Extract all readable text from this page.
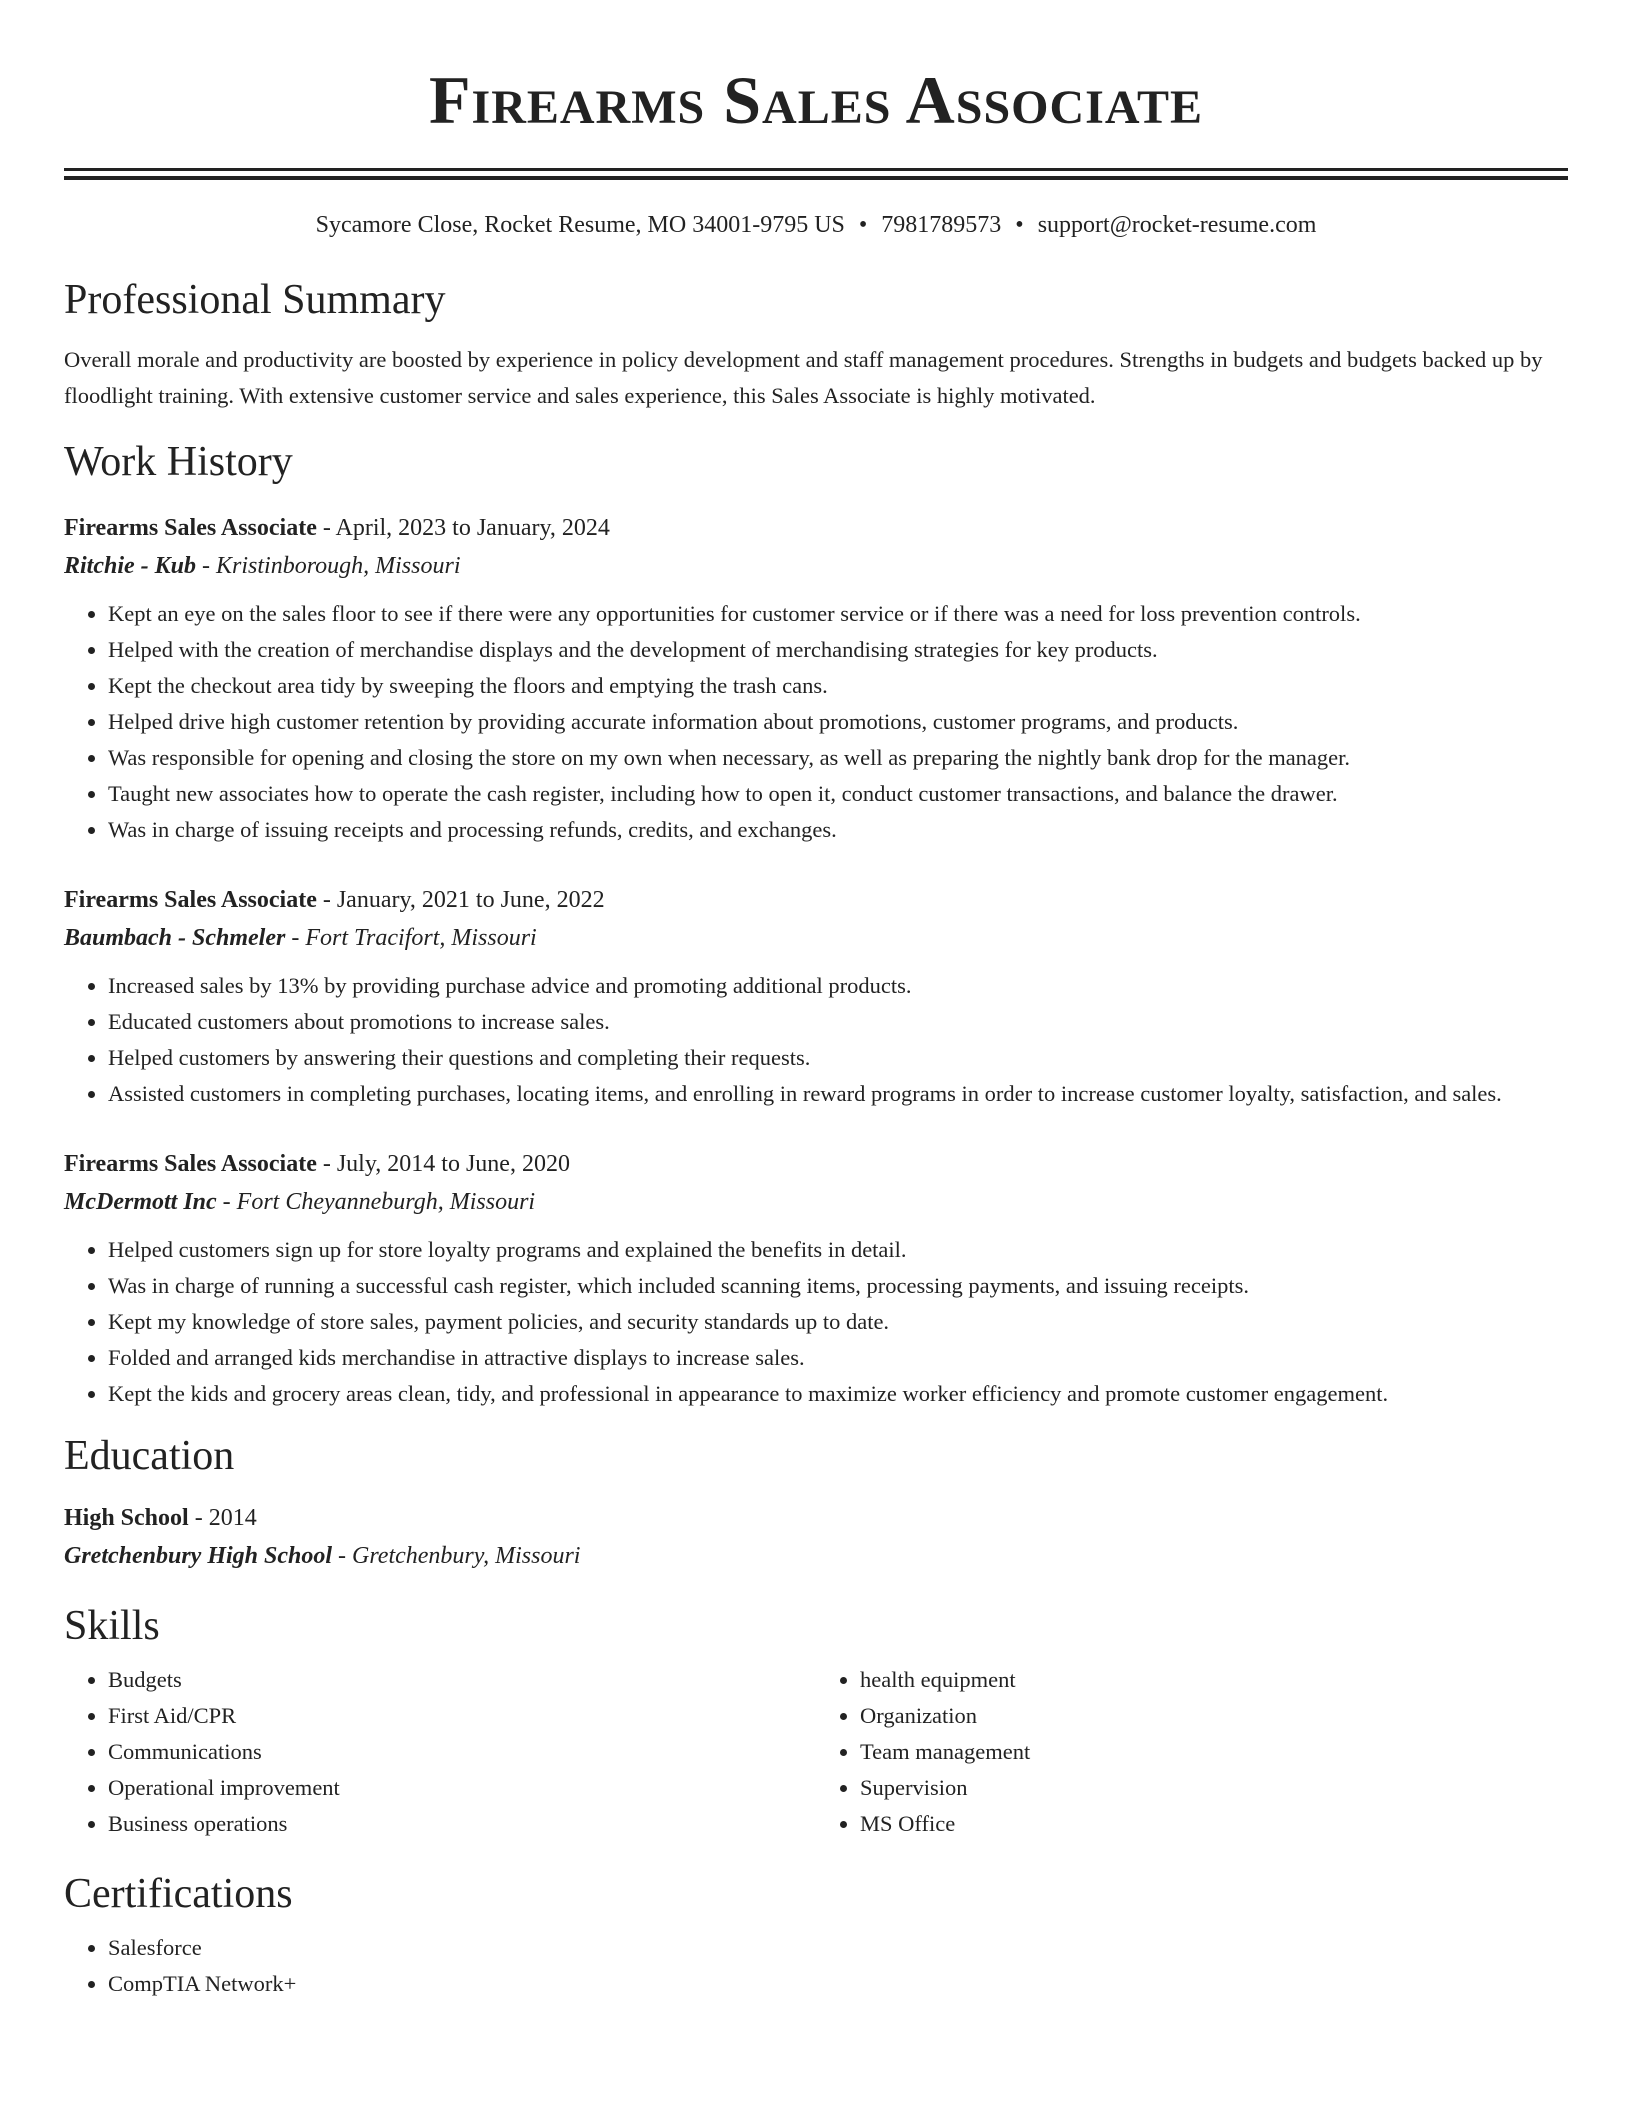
Firearms Sales Associate
Sycamore Close, Rocket Resume, MO 34001-9795 US • 7981789573 • support@rocket-resume.com
Professional Summary

Overall morale and productivity are boosted by experience in policy development and staff management procedures. Strengths in budgets and budgets backed up by floodlight training. With extensive customer service and sales experience, this Sales Associate is highly motivated.

Work History

Firearms Sales Associate - April, 2023 to January, 2024

Ritchie - Kub - Kristinborough, Missouri

• Kept an eye on the sales floor to see if there were any opportunities for customer service or if there was a need for loss prevention controls.
• Helped with the creation of merchandise displays and the development of merchandising strategies for key products.
• Kept the checkout area tidy by sweeping the floors and emptying the trash cans.
• Helped drive high customer retention by providing accurate information about promotions, customer programs, and products.
• Was responsible for opening and closing the store on my own when necessary, as well as preparing the nightly bank drop for the manager.
• Taught new associates how to operate the cash register, including how to open it, conduct customer transactions, and balance the drawer.
• Was in charge of issuing receipts and processing refunds, credits, and exchanges.

Firearms Sales Associate - January, 2021 to June, 2022

Baumbach - Schmeler - Fort Tracifort, Missouri

• Increased sales by 13% by providing purchase advice and promoting additional products.
• Educated customers about promotions to increase sales.
• Helped customers by answering their questions and completing their requests.
• Assisted customers in completing purchases, locating items, and enrolling in reward programs in order to increase customer loyalty, satisfaction, and sales.

Firearms Sales Associate - July, 2014 to June, 2020

McDermott Inc - Fort Cheyanneburgh, Missouri

• Helped customers sign up for store loyalty programs and explained the benefits in detail.
• Was in charge of running a successful cash register, which included scanning items, processing payments, and issuing receipts.
• Kept my knowledge of store sales, payment policies, and security standards up to date.
• Folded and arranged kids merchandise in attractive displays to increase sales.
• Kept the kids and grocery areas clean, tidy, and professional in appearance to maximize worker efficiency and promote customer engagement.
Education

High School - 2014

Gretchenbury High School - Gretchenbury, Missouri

Skills
• Budgets
• First Aid/CPR
• Communications
• Operational improvement
• Business operations
• health equipment
• Organization
• Team management
• Supervision
• MS Office
Certifications
• Salesforce
• CompTIA Network+
